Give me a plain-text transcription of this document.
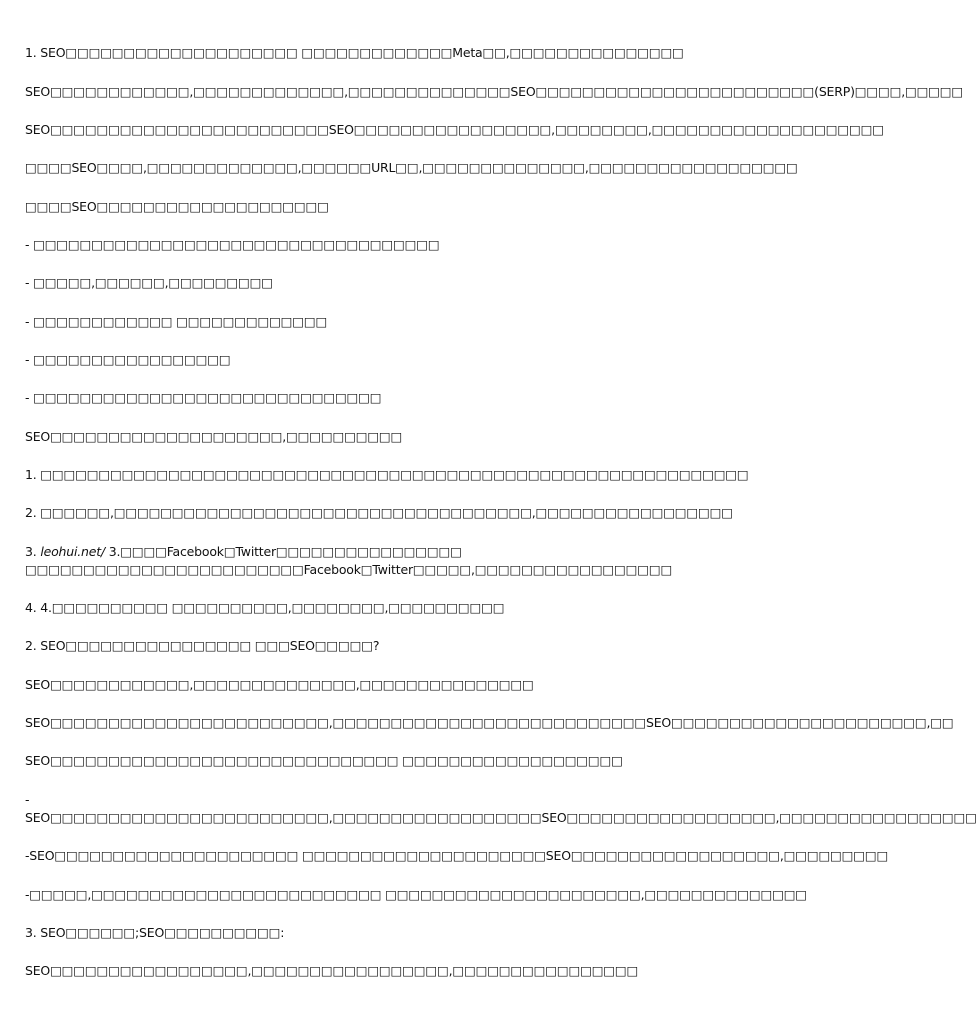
1. SEO□□□□□□□□□□□□□□□□□□□□ □□□□□□□□□□□□□Meta□□,□□□□□□□□□□□□□□□
SEO□□□□□□□□□□□□,□□□□□□□□□□□□□,□□□□□□□□□□□□□□SEO□□□□□□□□□□□□□□□□□□□□□□□□(SERP)□□□□,□□□□□
SEO□□□□□□□□□□□□□□□□□□□□□□□□SEO□□□□□□□□□□□□□□□□□,□□□□□□□□,□□□□□□□□□□□□□□□□□□□□
□□□□SEO□□□□,□□□□□□□□□□□□□,□□□□□□URL□□,□□□□□□□□□□□□□□,□□□□□□□□□□□□□□□□□□
□□□□SEO□□□□□□□□□□□□□□□□□□□□
- □□□□□□□□□□□□□□□□□□□□□□□□□□□□□□□□□□□
- □□□□□,□□□□□□,□□□□□□□□□
- □□□□□□□□□□□□ □□□□□□□□□□□□□
- □□□□□□□□□□□□□□□□□
- □□□□□□□□□□□□□□□□□□□□□□□□□□□□□□
SEO□□□□□□□□□□□□□□□□□□□□,□□□□□□□□□□
1. □□□□□□□□□□□□□□□□□□□□□□□□□□□□□□□□□□□□□□□□□□□□□□□□□□□□□□□□□□□□□
2. □□□□□□,□□□□□□□□□□□□□□□□□□□□□□□□□□□□□□□□□□□□,□□□□□□□□□□□□□□□□□
3. leohui.net/ 3.□□□□Facebook□Twitter□□□□□□□□□□□□□□□□
□□□□□□□□□□□□□□□□□□□□□□□□Facebook□Twitter□□□□□,□□□□□□□□□□□□□□□□□
4. 4.□□□□□□□□□□ □□□□□□□□□□,□□□□□□□□,□□□□□□□□□□
2. SEO□□□□□□□□□□□□□□□□ □□□SEO□□□□□?
SEO□□□□□□□□□□□□,□□□□□□□□□□□□□□,□□□□□□□□□□□□□□□
SEO□□□□□□□□□□□□□□□□□□□□□□□□,□□□□□□□□□□□□□□□□□□□□□□□□□□□SEO□□□□□□□□□□□□□□□□□□□□□□,□□
SEO□□□□□□□□□□□□□□□□□□□□□□□□□□□□□□ □□□□□□□□□□□□□□□□□□□
-
SEO□□□□□□□□□□□□□□□□□□□□□□□□,□□□□□□□□□□□□□□□□□□SEO□□□□□□□□□□□□□□□□□□,□□□□□□□□□□□□□□□□□
-SEO□□□□□□□□□□□□□□□□□□□□□ □□□□□□□□□□□□□□□□□□□□□SEO□□□□□□□□□□□□□□□□□□,□□□□□□□□□
-□□□□□,□□□□□□□□□□□□□□□□□□□□□□□□□ □□□□□□□□□□□□□□□□□□□□□□,□□□□□□□□□□□□□□
3. SEO□□□□□□;SEO□□□□□□□□□□:
SEO□□□□□□□□□□□□□□□□□,□□□□□□□□□□□□□□□□□,□□□□□□□□□□□□□□□□
